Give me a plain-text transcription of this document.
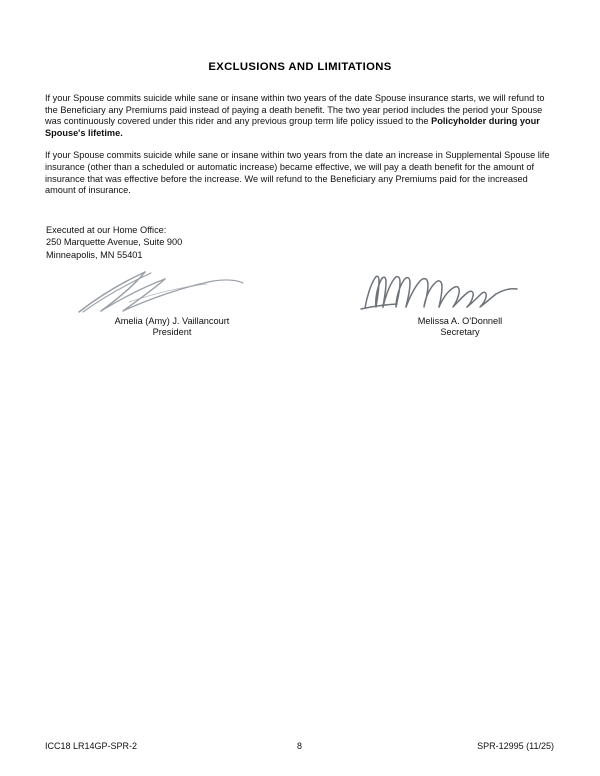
EXCLUSIONS AND LIMITATIONS

If your Spouse commits suicide while sane or insane within two years of the date Spouse insurance starts, we will refund to the Beneficiary any Premiums paid instead of paying a death benefit. The two year period includes the period your Spouse was continuously covered under this rider and any previous group term life policy issued to the Policyholder during your Spouse's lifetime.

If your Spouse commits suicide while sane or insane within two years from the date an increase in Supplemental Spouse life insurance (other than a scheduled or automatic increase) became effective, we will pay a death benefit for the amount of insurance that was effective before the increase. We will refund to the Beneficiary any Premiums paid for the increased amount of insurance.

Executed at our Home Office:
250 Marquette Avenue, Suite 900
Minneapolis, MN 55401
Amelia (Amy) J. Vaillancourt
President
Melissa A. O'Donnell
Secretary
ICC18 LR14GP-SPR-2	8	SPR-12995 (11/25)
